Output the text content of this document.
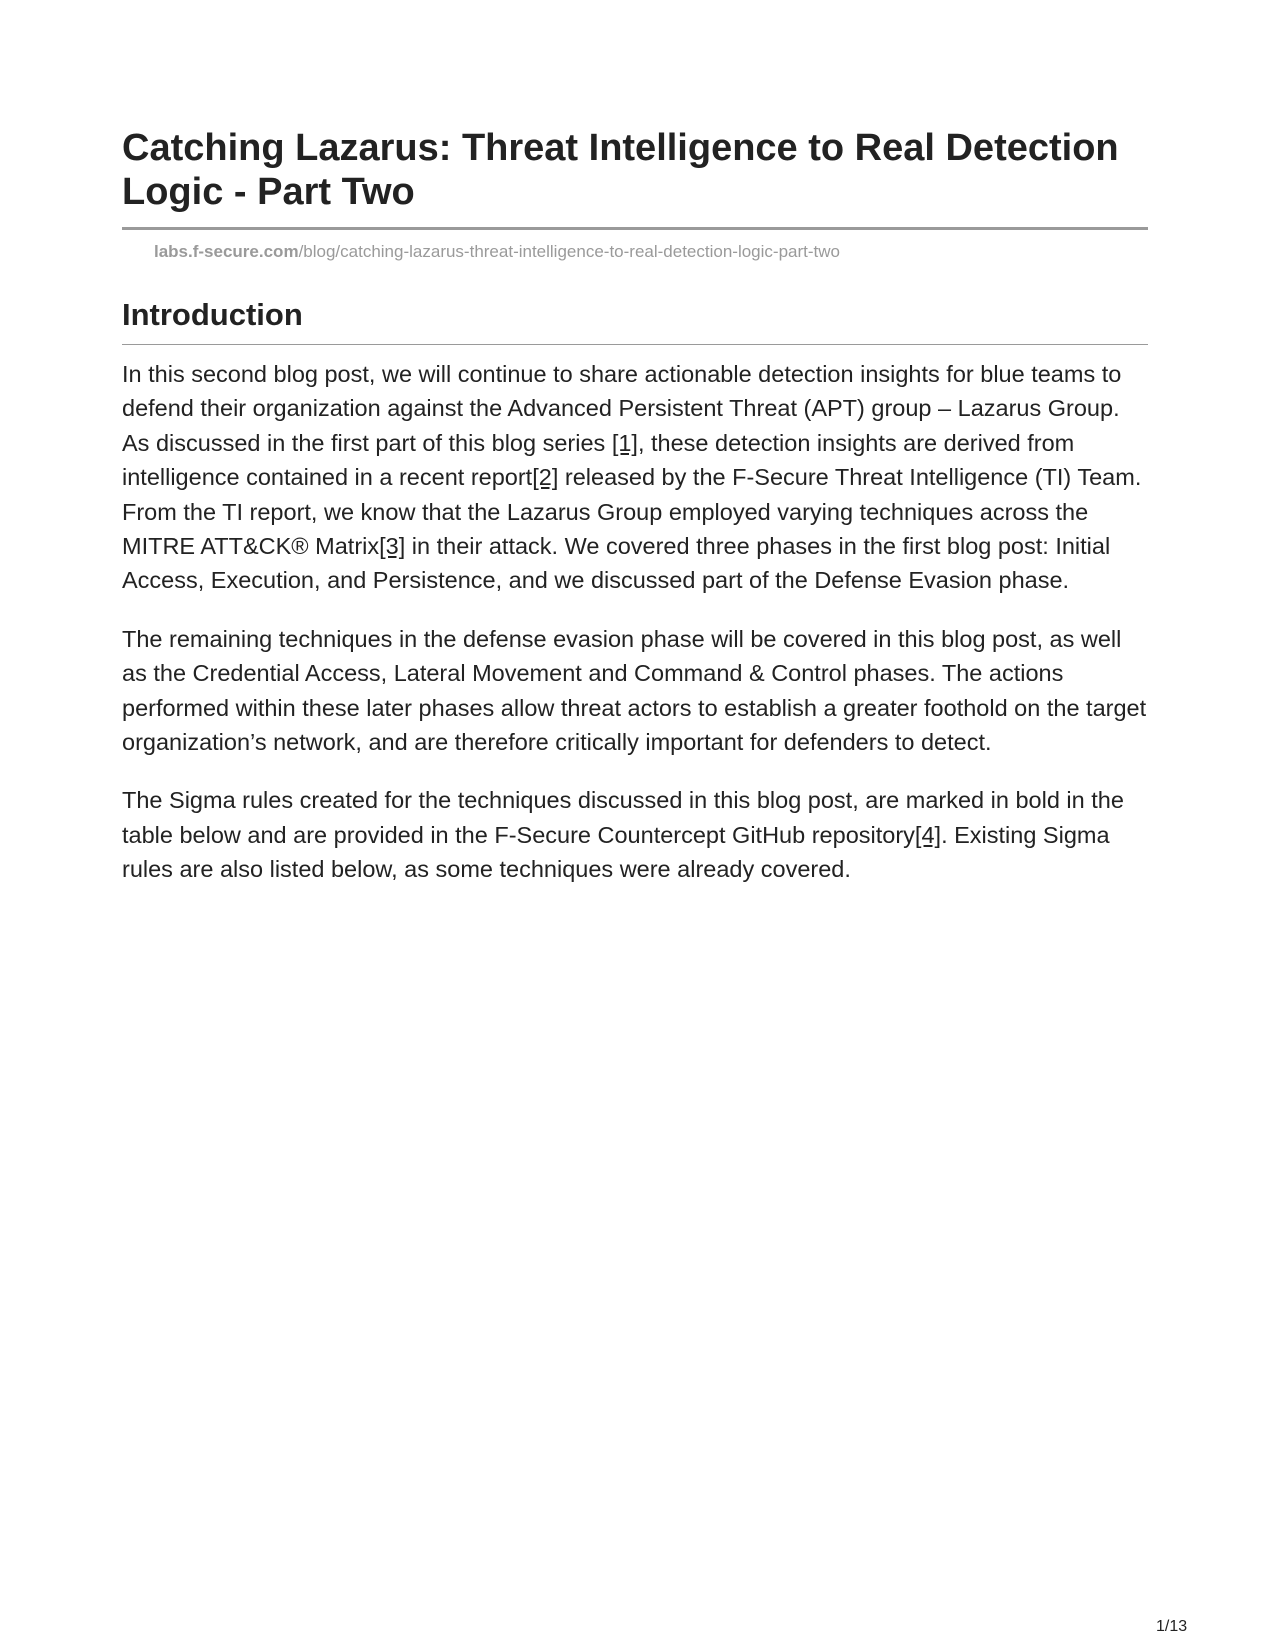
Catching Lazarus: Threat Intelligence to Real Detection Logic - Part Two
labs.f-secure.com/blog/catching-lazarus-threat-intelligence-to-real-detection-logic-part-two
Introduction

In this second blog post, we will continue to share actionable detection insights for blue teams to defend their organization against the Advanced Persistent Threat (APT) group – Lazarus Group. As discussed in the first part of this blog series [1], these detection insights are derived from intelligence contained in a recent report[2] released by the F-Secure Threat Intelligence (TI) Team. From the TI report, we know that the Lazarus Group employed varying techniques across the MITRE ATT&CK® Matrix[3] in their attack. We covered three phases in the first blog post: Initial Access, Execution, and Persistence, and we discussed part of the Defense Evasion phase.

The remaining techniques in the defense evasion phase will be covered in this blog post, as well as the Credential Access, Lateral Movement and Command & Control phases. The actions performed within these later phases allow threat actors to establish a greater foothold on the target organization’s network, and are therefore critically important for defenders to detect.

The Sigma rules created for the techniques discussed in this blog post, are marked in bold in the table below and are provided in the F-Secure Countercept GitHub repository[4]. Existing Sigma rules are also listed below, as some techniques were already covered.

1/13
